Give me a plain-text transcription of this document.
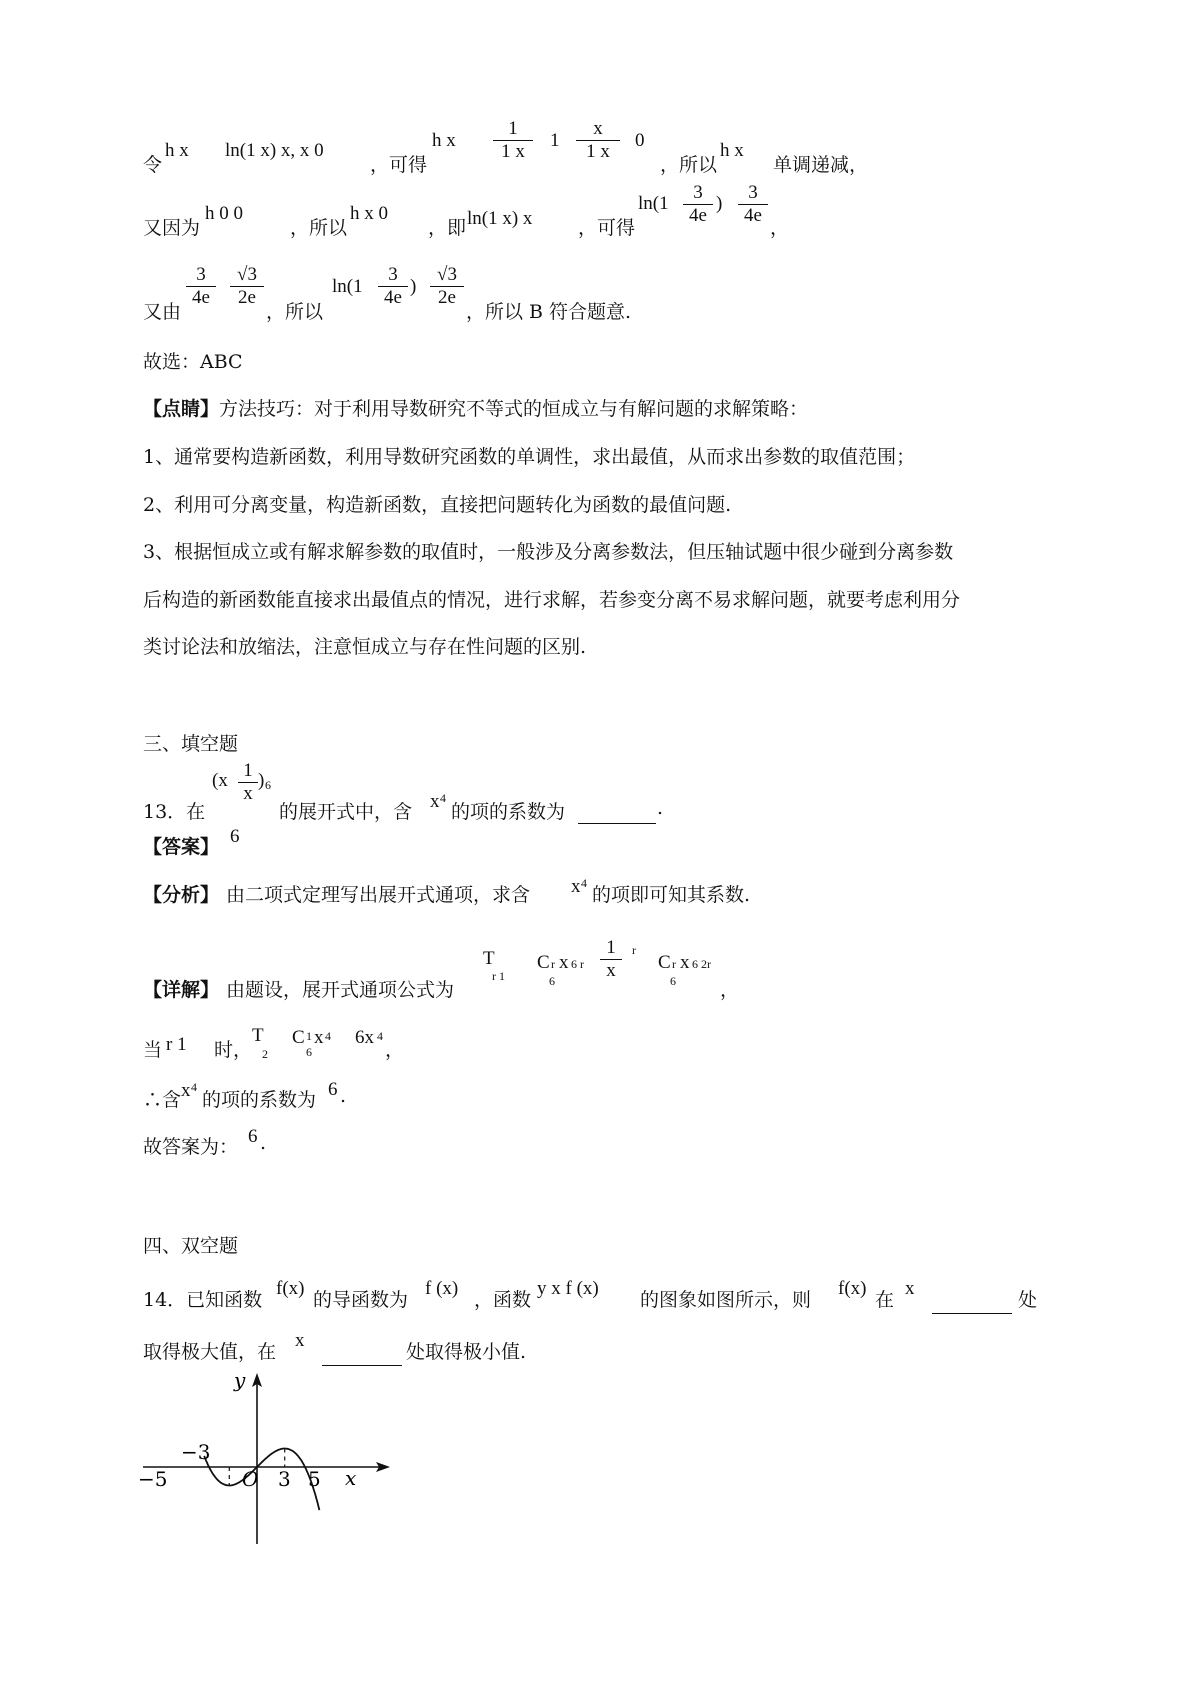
令
h x ln(1 x) x, x 0
，可得
h x $\frac{1}{1 x} 1 \frac{x}{1 x} 0$
，所以
h x
单调递减，
又因为
h 0 0
，所以
h x 0
，即 ln(1 x) x ，可得
$\ln(1 \frac{3}{4e}$ ) $\frac{3}{4e}$
，
又由
$\frac{3}{4e} \frac{√3}{2e}$
，所以
$\ln(1 \frac{3}{4e}$ ) $\frac{√3}{2e}$
，所以 B 符合题意.
故选：ABC
【点睛】方法技巧：对于利用导数研究不等式的恒成立与有解问题的求解策略：
1、通常要构造新函数，利用导数研究函数的单调性，求出最值，从而求出参数的取值范围；
2、利用可分离变量，构造新函数，直接把问题转化为函数的最值问题.
3、根据恒成立或有解求解参数的取值时，一般涉及分离参数法，但压轴试题中很少碰到分离参数
后构造的新函数能直接求出最值点的情况，进行求解，若参变分离不易求解问题，就要考虑利用分
类讨论法和放缩法，注意恒成立与存在性问题的区别.
三、填空题
13．在
($x \frac{1}{x}$ ) 6
的展开式中，含 x 4
的项的系数为	.
【答案】 6
【分析】 由二项式定理写出展开式通项，求含 x 4
的项即可知其系数.
【详解】 由题设，展开式通项公式为
T
r 1
C r
6
x 6 r $\frac{1}{x}$ r
C r
6
x 6 2r
，
当 r 1 时，
T
2
C 1
6
x 4 6x 4
，
∴含 x 4
的项的系数为 6 .
故答案为： 6 .
四、双空题
14．已知函数
f(x)
的导函数为
f (x)
，函数
y x f (x)
的图象如图所示，则
f(x)
在
x
处
取得极大值，在
x
处取得极小值.
y
x
O
−5
−3
3 5
